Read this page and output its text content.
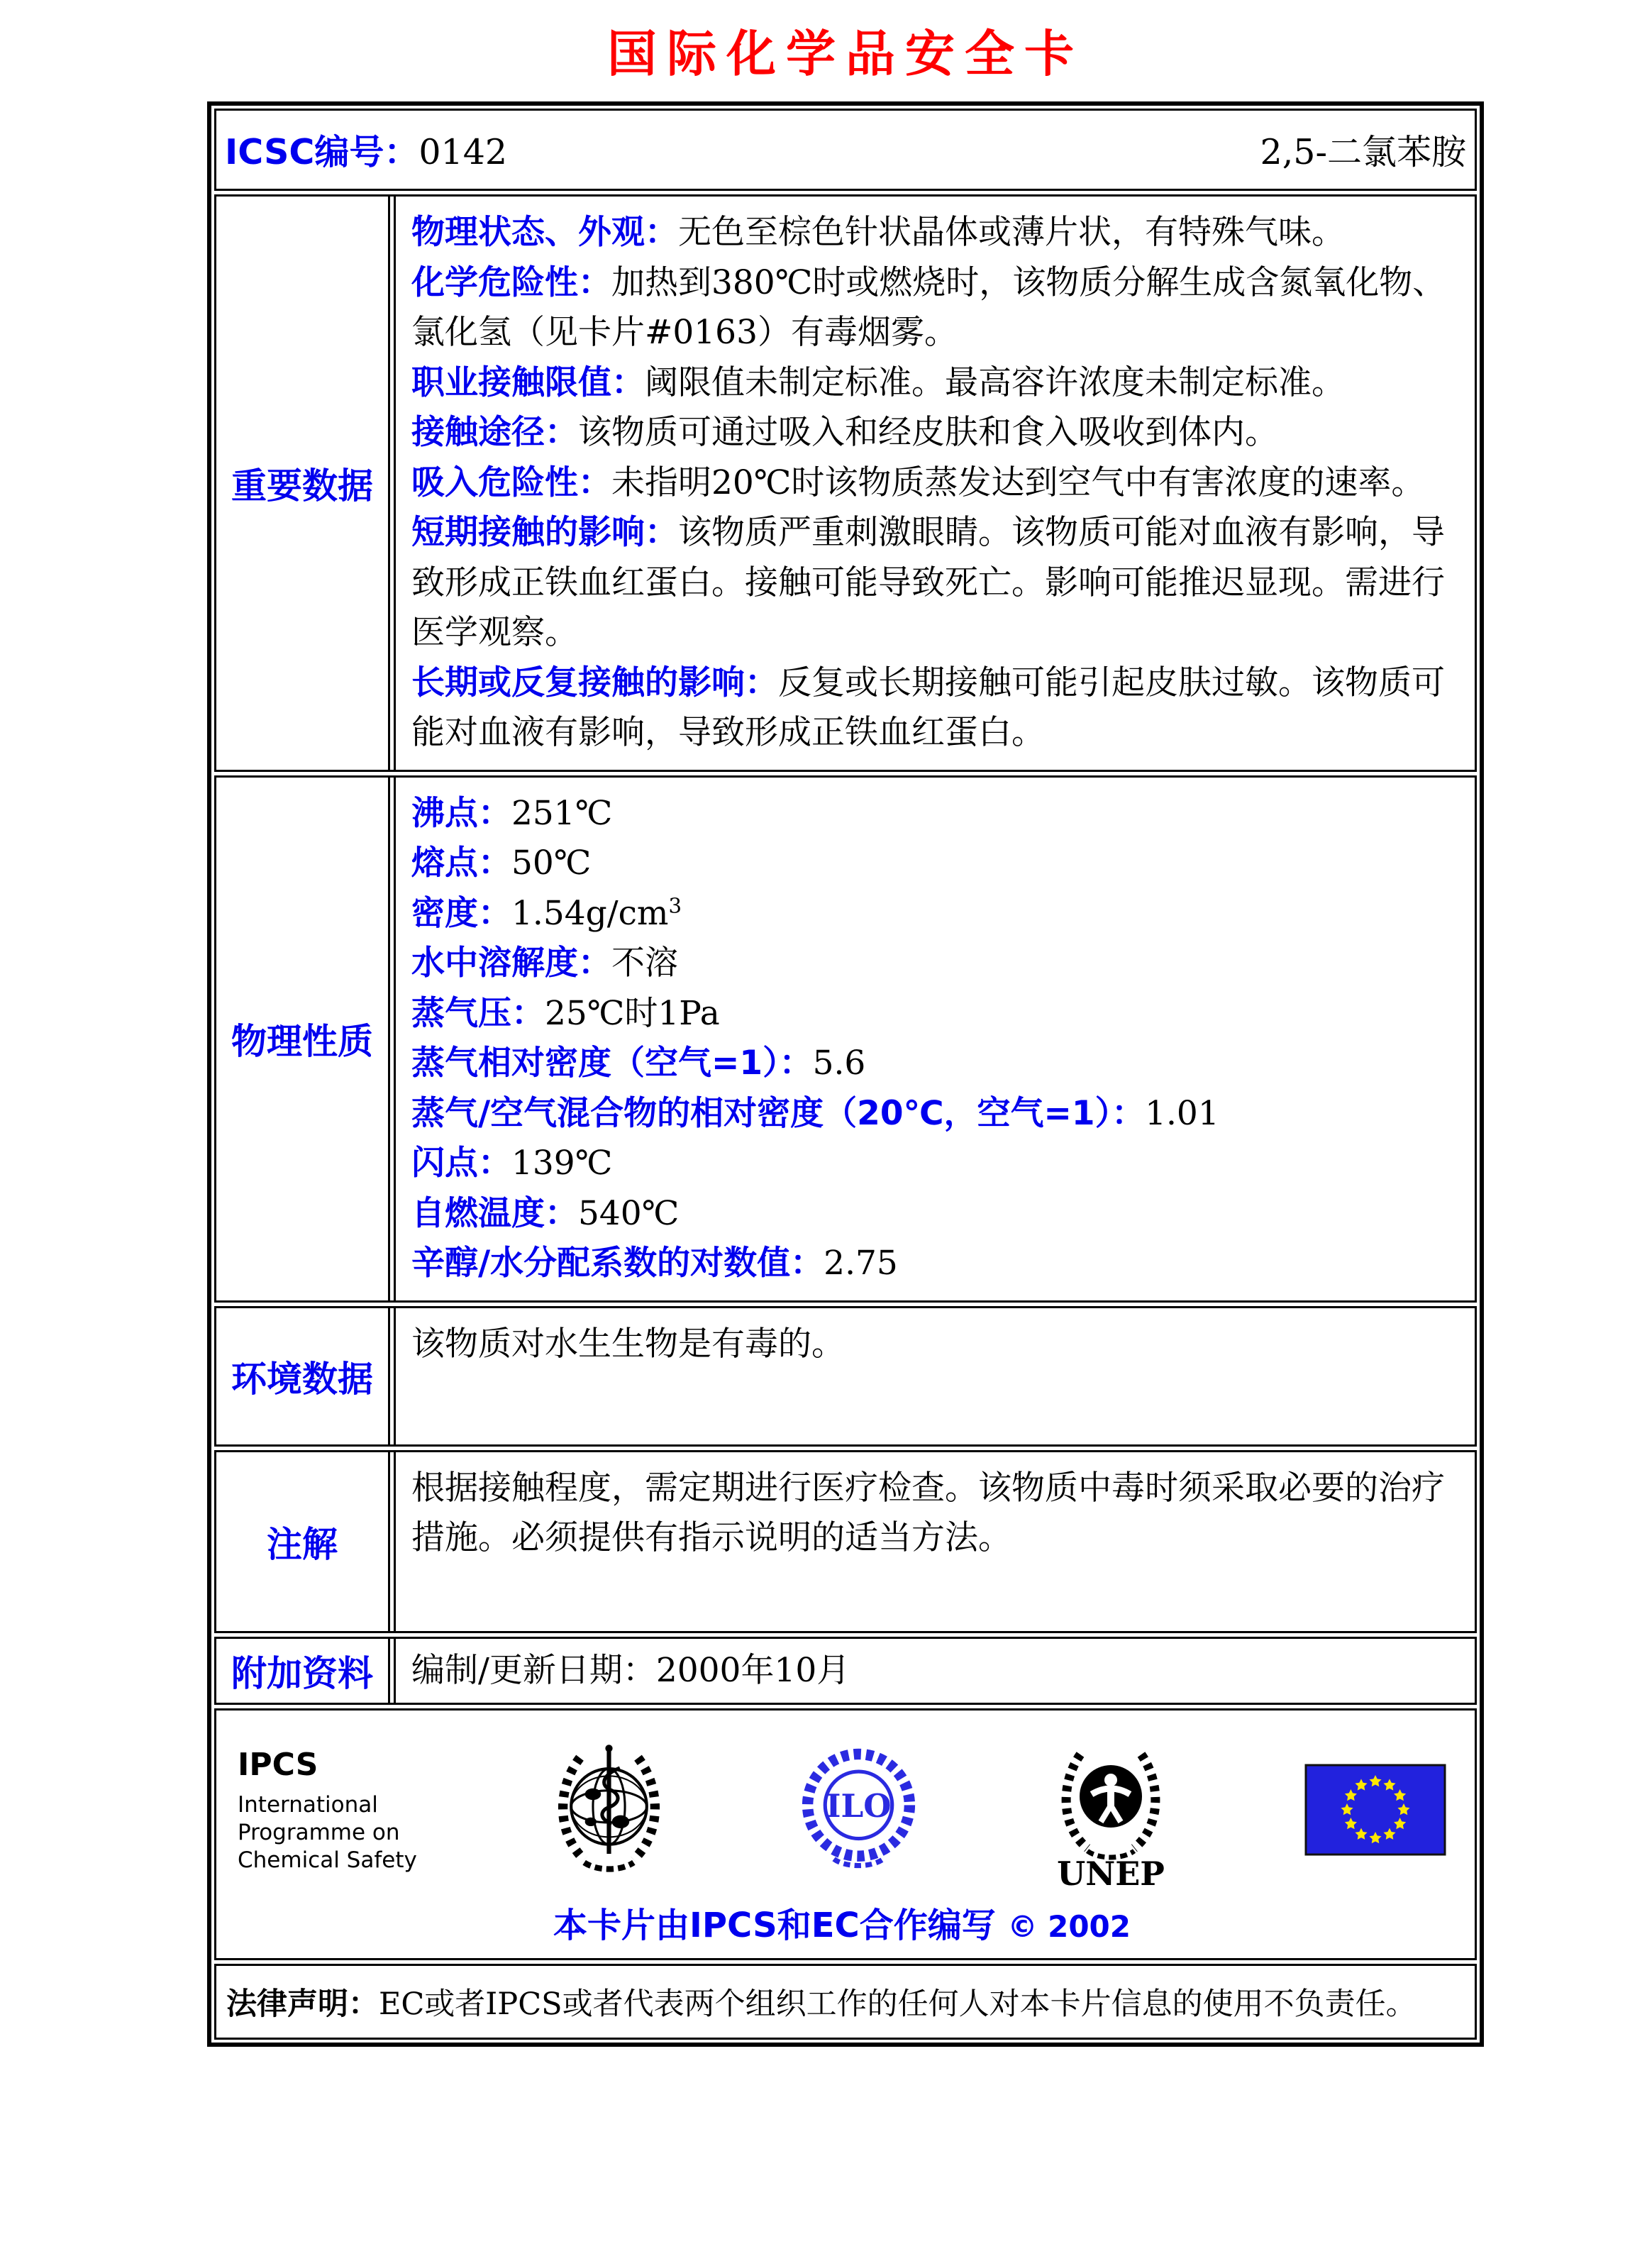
国际化学品安全卡
ICSC编号：0142	2,5-二氯苯胺
重要数据

物理状态、外观：无色至棕色针状晶体或薄片状，有特殊气味。

化学危险性：加热到380℃时或燃烧时，该物质分解生成含氮氧化物、氯化氢（见卡片#0163）有毒烟雾。

职业接触限值：阈限值未制定标准。最高容许浓度未制定标准。

接触途径：该物质可通过吸入和经皮肤和食入吸收到体内。

吸入危险性：未指明20℃时该物质蒸发达到空气中有害浓度的速率。

短期接触的影响：该物质严重刺激眼睛。该物质可能对血液有影响，导致形成正铁血红蛋白。接触可能导致死亡。影响可能推迟显现。需进行医学观察。

长期或反复接触的影响：反复或长期接触可能引起皮肤过敏。该物质可能对血液有影响，导致形成正铁血红蛋白。

物理性质

沸点：251℃

熔点：50℃

密度：$1.54g/cm^3$

水中溶解度：不溶

蒸气压：25℃时1Pa

蒸气相对密度（空气=1）：5.6

蒸气/空气混合物的相对密度（20℃，空气=1）：1.01

闪点：139℃

自燃温度：540℃

辛醇/水分配系数的对数值：2.75

环境数据

该物质对水生生物是有毒的。

注解

根据接触程度，需定期进行医疗检查。该物质中毒时须采取必要的治疗措施。必须提供有指示说明的适当方法。

附加资料	编制/更新日期：2000年10月

IPCS
International
Programme on
Chemical Safety
ILO
UNEP
本卡片由IPCS和EC合作编写 © 2002

法律声明：EC或者IPCS或者代表两个组织工作的任何人对本卡片信息的使用不负责任。
